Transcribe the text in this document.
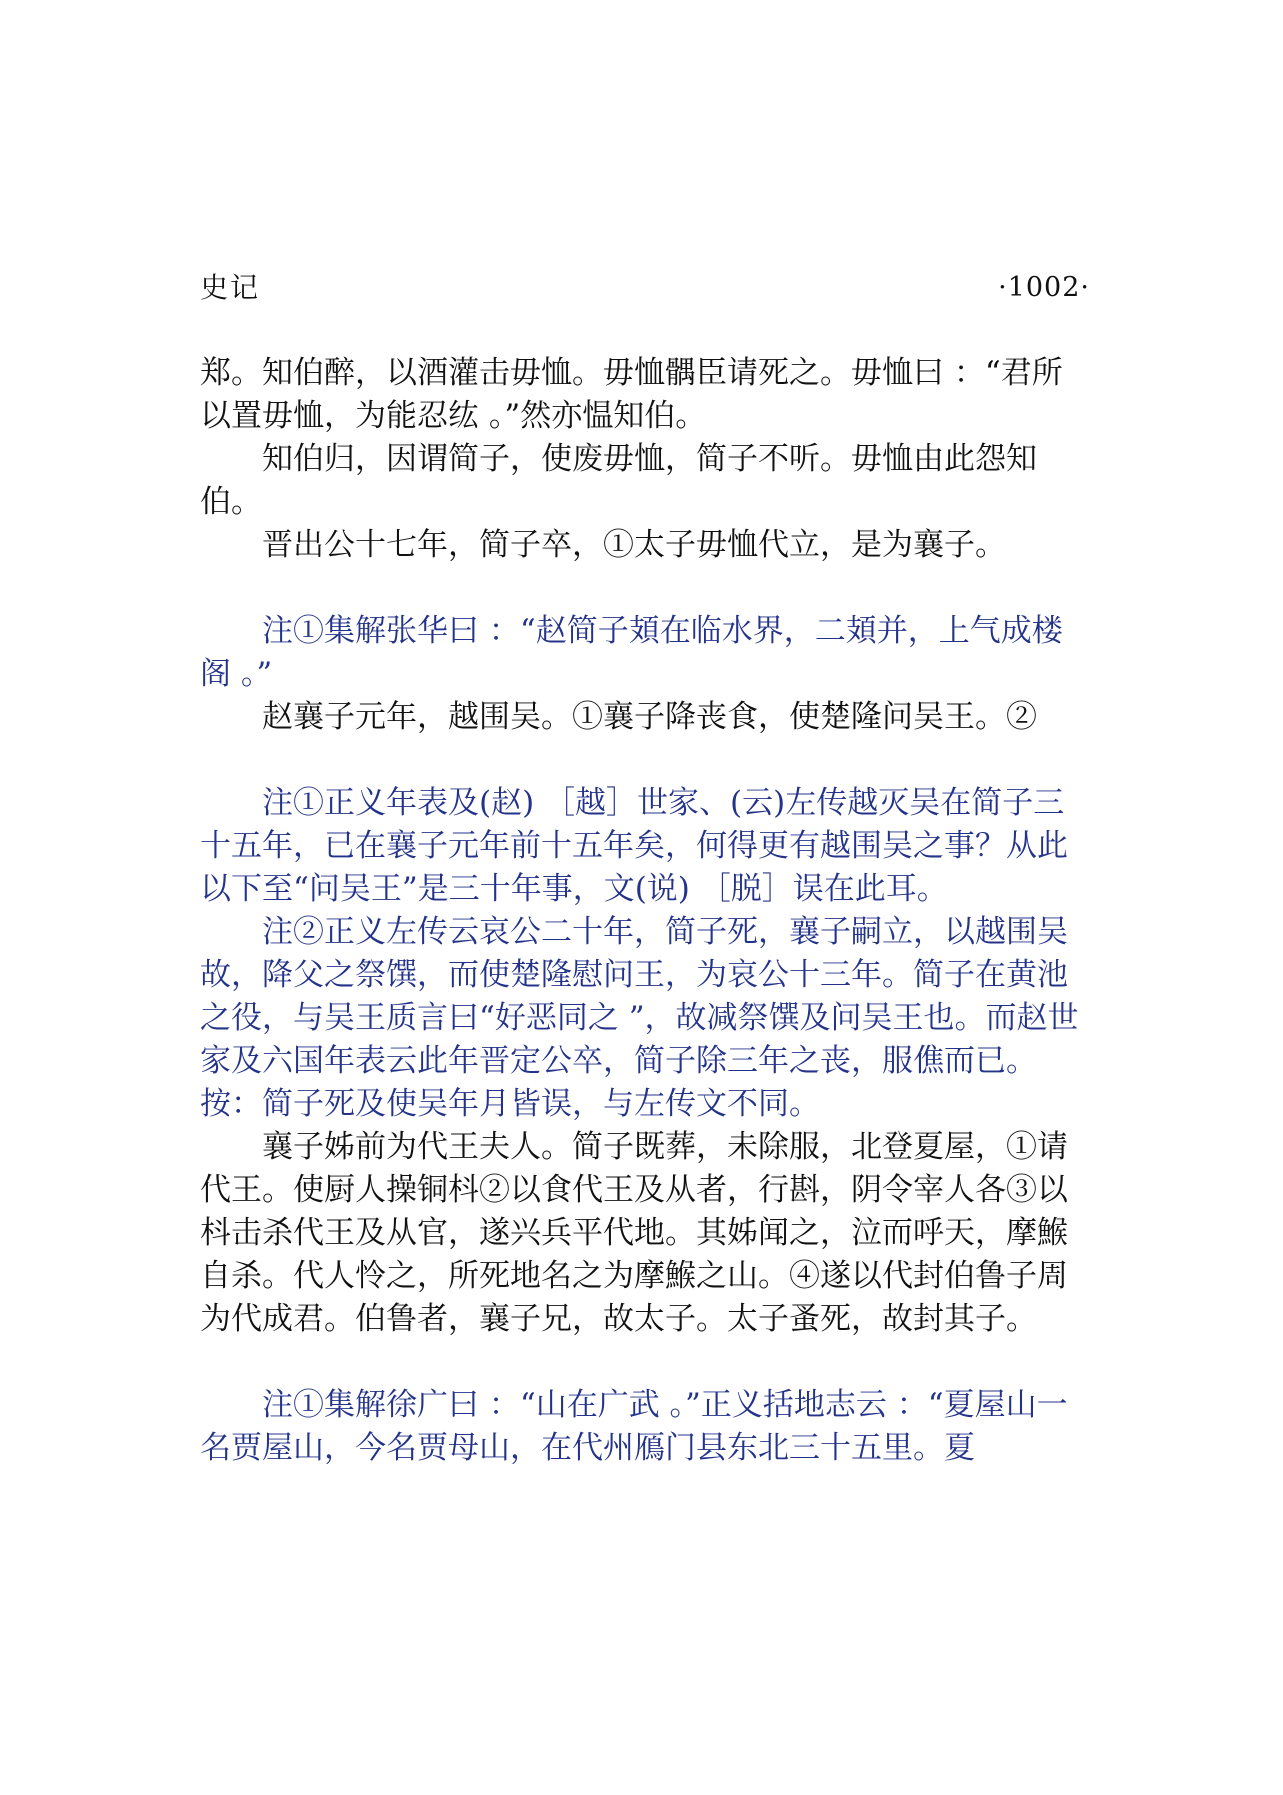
史记	·1002·

郑。知伯醉，以酒灌击毋恤。毋恤髃臣请死之。毋恤曰 ：“君所以置毋恤，为能忍纮 。”然亦愠知伯。

知伯归，因谓简子，使废毋恤，简子不听。毋恤由此怨知伯。

晋出公十七年，简子卒，①太子毋恤代立，是为襄子。

注①集解张华曰 ：“赵简子頍在临水界，二頍并，上气成楼阁 。”

赵襄子元年，越围吴。①襄子降丧食，使楚隆问吴王。②

注①正义年表及(赵) ［越］世家、(云)左传越灭吴在简子三十五年，已在襄子元年前十五年矣，何得更有越围吴之事？从此以下至“问吴王”是三十年事，文(说) ［脱］误在此耳。

注②正义左传云哀公二十年，简子死，襄子嗣立，以越围吴故，降父之祭馔，而使楚隆慰问王，为哀公十三年。简子在黄池之役，与吴王质言曰“好恶同之 ”，故减祭馔及问吴王也。而赵世家及六国年表云此年晋定公卒，简子除三年之丧，服僬而已。按：简子死及使吴年月皆误，与左传文不同。

襄子姊前为代王夫人。简子既葬，未除服，北登夏屋，①请代王。使厨人操铜枓②以食代王及从者，行斟，阴令宰人各③以枓击杀代王及从官，遂兴兵平代地。其姊闻之，泣而呼天，摩鯸自杀。代人怜之，所死地名之为摩鯸之山。④遂以代封伯鲁子周为代成君。伯鲁者，襄子兄，故太子。太子蚤死，故封其子。

注①集解徐广曰 ：“山在广武 。”正义括地志云 ：“夏屋山一名贾屋山，今名贾母山，在代州鴈门县东北三十五里。夏
